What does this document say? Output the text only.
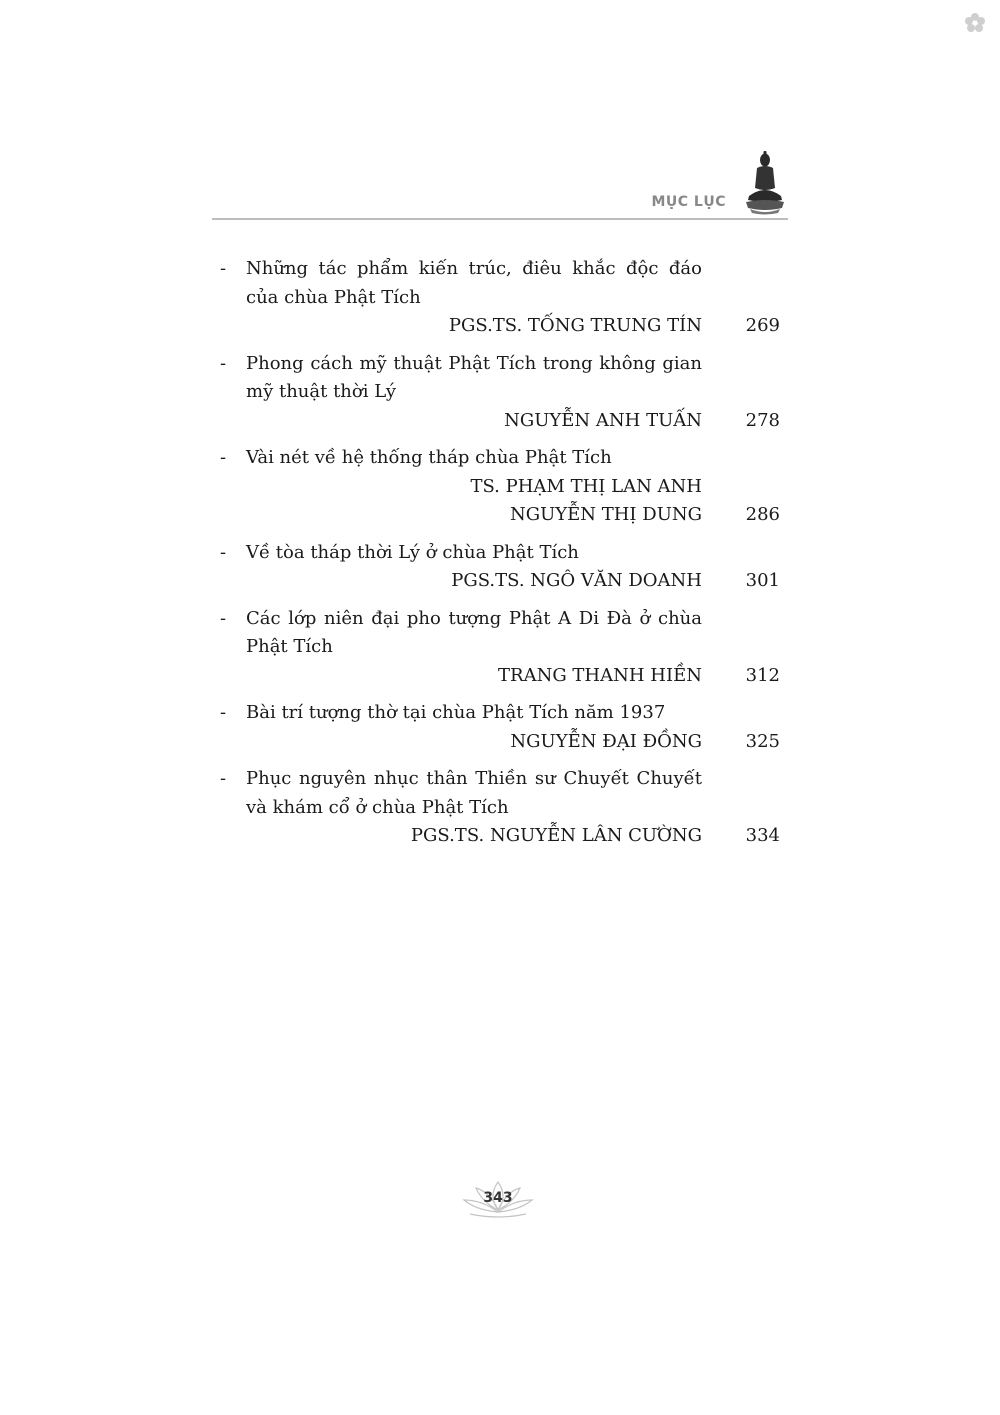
MỤC LỤC
-	Những tác phẩm kiến trúc, điêu khắc độc đáo của chùa Phật Tích
PGS.TS. TỐNG TRUNG TÍN	269
-	Phong cách mỹ thuật Phật Tích trong không gian mỹ thuật thời Lý
NGUYỄN ANH TUẤN	278
-	Vài nét về hệ thống tháp chùa Phật Tích
TS. PHẠM THỊ LAN ANH
NGUYỄN THỊ DUNG	286
-	Về tòa tháp thời Lý ở chùa Phật Tích
PGS.TS. NGÔ VĂN DOANH	301
-	Các lớp niên đại pho tượng Phật A Di Đà ở chùa Phật Tích
TRANG THANH HIỀN	312
-	Bài trí tượng thờ tại chùa Phật Tích năm 1937
NGUYỄN ĐẠI ĐỒNG	325
-	Phục nguyên nhục thân Thiền sư Chuyết Chuyết và khám cổ ở chùa Phật Tích
PGS.TS. NGUYỄN LÂN CƯỜNG	334
343
